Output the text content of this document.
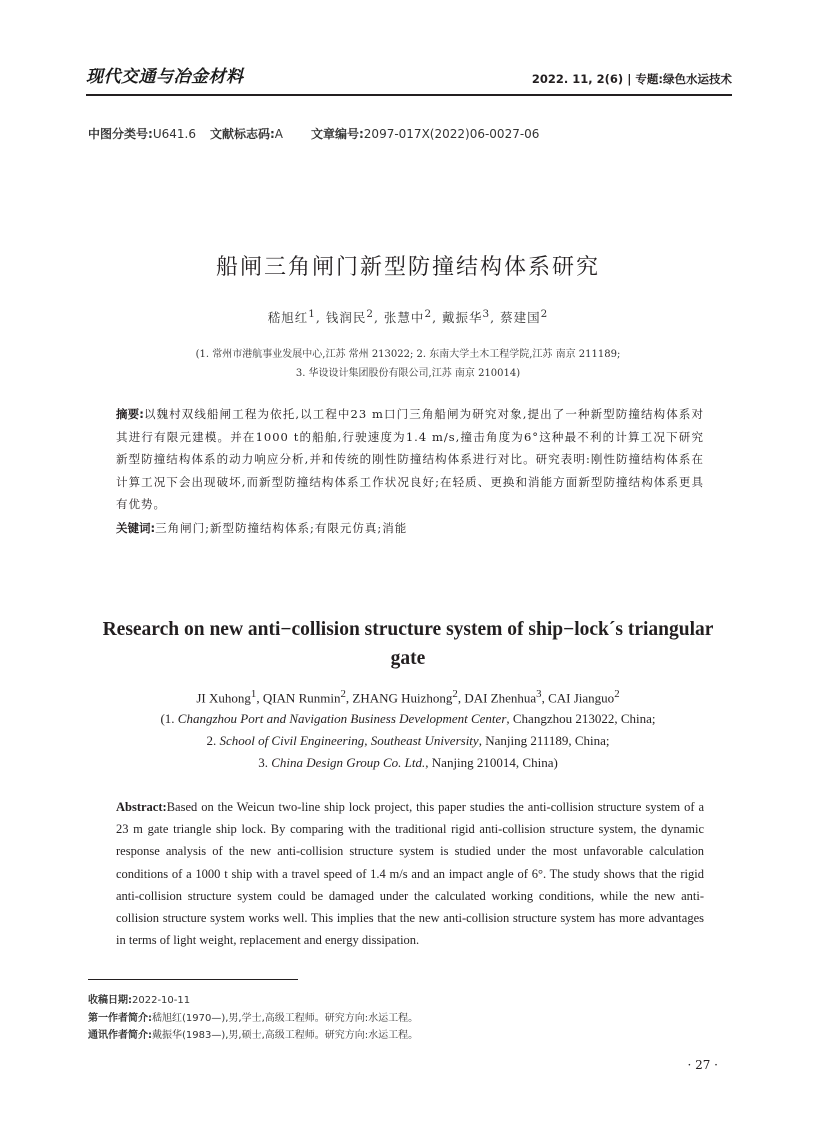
现代交通与冶金材料	2022. 11, 2(6) | 专题:绿色水运技术
中图分类号:U641.6 文献标志码:A 文章编号:2097-017X(2022)06-0027-06
船闸三角闸门新型防撞结构体系研究
嵇旭红$^1$, 钱润民$^2$, 张慧中$^2$, 戴振华$^3$, 蔡建国$^2$
(1. 常州市港航事业发展中心,江苏 常州 213022; 2. 东南大学土木工程学院,江苏 南京 211189;
3. 华设设计集团股份有限公司,江苏 南京 210014)
摘要:以魏村双线船闸工程为依托,以工程中23 m口门三角船闸为研究对象,提出了一种新型防撞结构体系对其进行有限元建模。并在1000 t的船舶,行驶速度为1.4 m/s,撞击角度为6°这种最不利的计算工况下研究新型防撞结构体系的动力响应分析,并和传统的刚性防撞结构体系进行对比。研究表明:刚性防撞结构体系在计算工况下会出现破坏,而新型防撞结构体系工作状况良好;在轻质、更换和消能方面新型防撞结构体系更具有优势。
关键词:三角闸门;新型防撞结构体系;有限元仿真;消能
Research on new anti−collision structure system of ship−lock´s triangular gate
JI Xuhong$^1$, QIAN Runmin$^2$, ZHANG Huizhong$^2$, DAI Zhenhua$^3$, CAI Jianguo$^2$
(1. Changzhou Port and Navigation Business Development Center, Changzhou 213022, China;
2. School of Civil Engineering, Southeast University, Nanjing 211189, China;
3. China Design Group Co. Ltd., Nanjing 210014, China)
Abstract:Based on the Weicun two-line ship lock project, this paper studies the anti-collision structure system of a 23 m gate triangle ship lock. By comparing with the traditional rigid anti-collision structure system, the dynamic response analysis of the new anti-collision structure system is studied under the most unfavorable calculation conditions of a 1000 t ship with a travel speed of 1.4 m/s and an impact angle of 6°. The study shows that the rigid anti-collision structure system could be damaged under the calculated working conditions, while the new anti-collision structure system works well. This implies that the new anti-collision structure system has more advantages in terms of light weight, replacement and energy dissipation.
收稿日期:2022-10-11
第一作者简介:嵇旭红(1970—),男,学士,高级工程师。研究方向:水运工程。
通讯作者简介:戴振华(1983—),男,硕士,高级工程师。研究方向:水运工程。
· 27 ·
